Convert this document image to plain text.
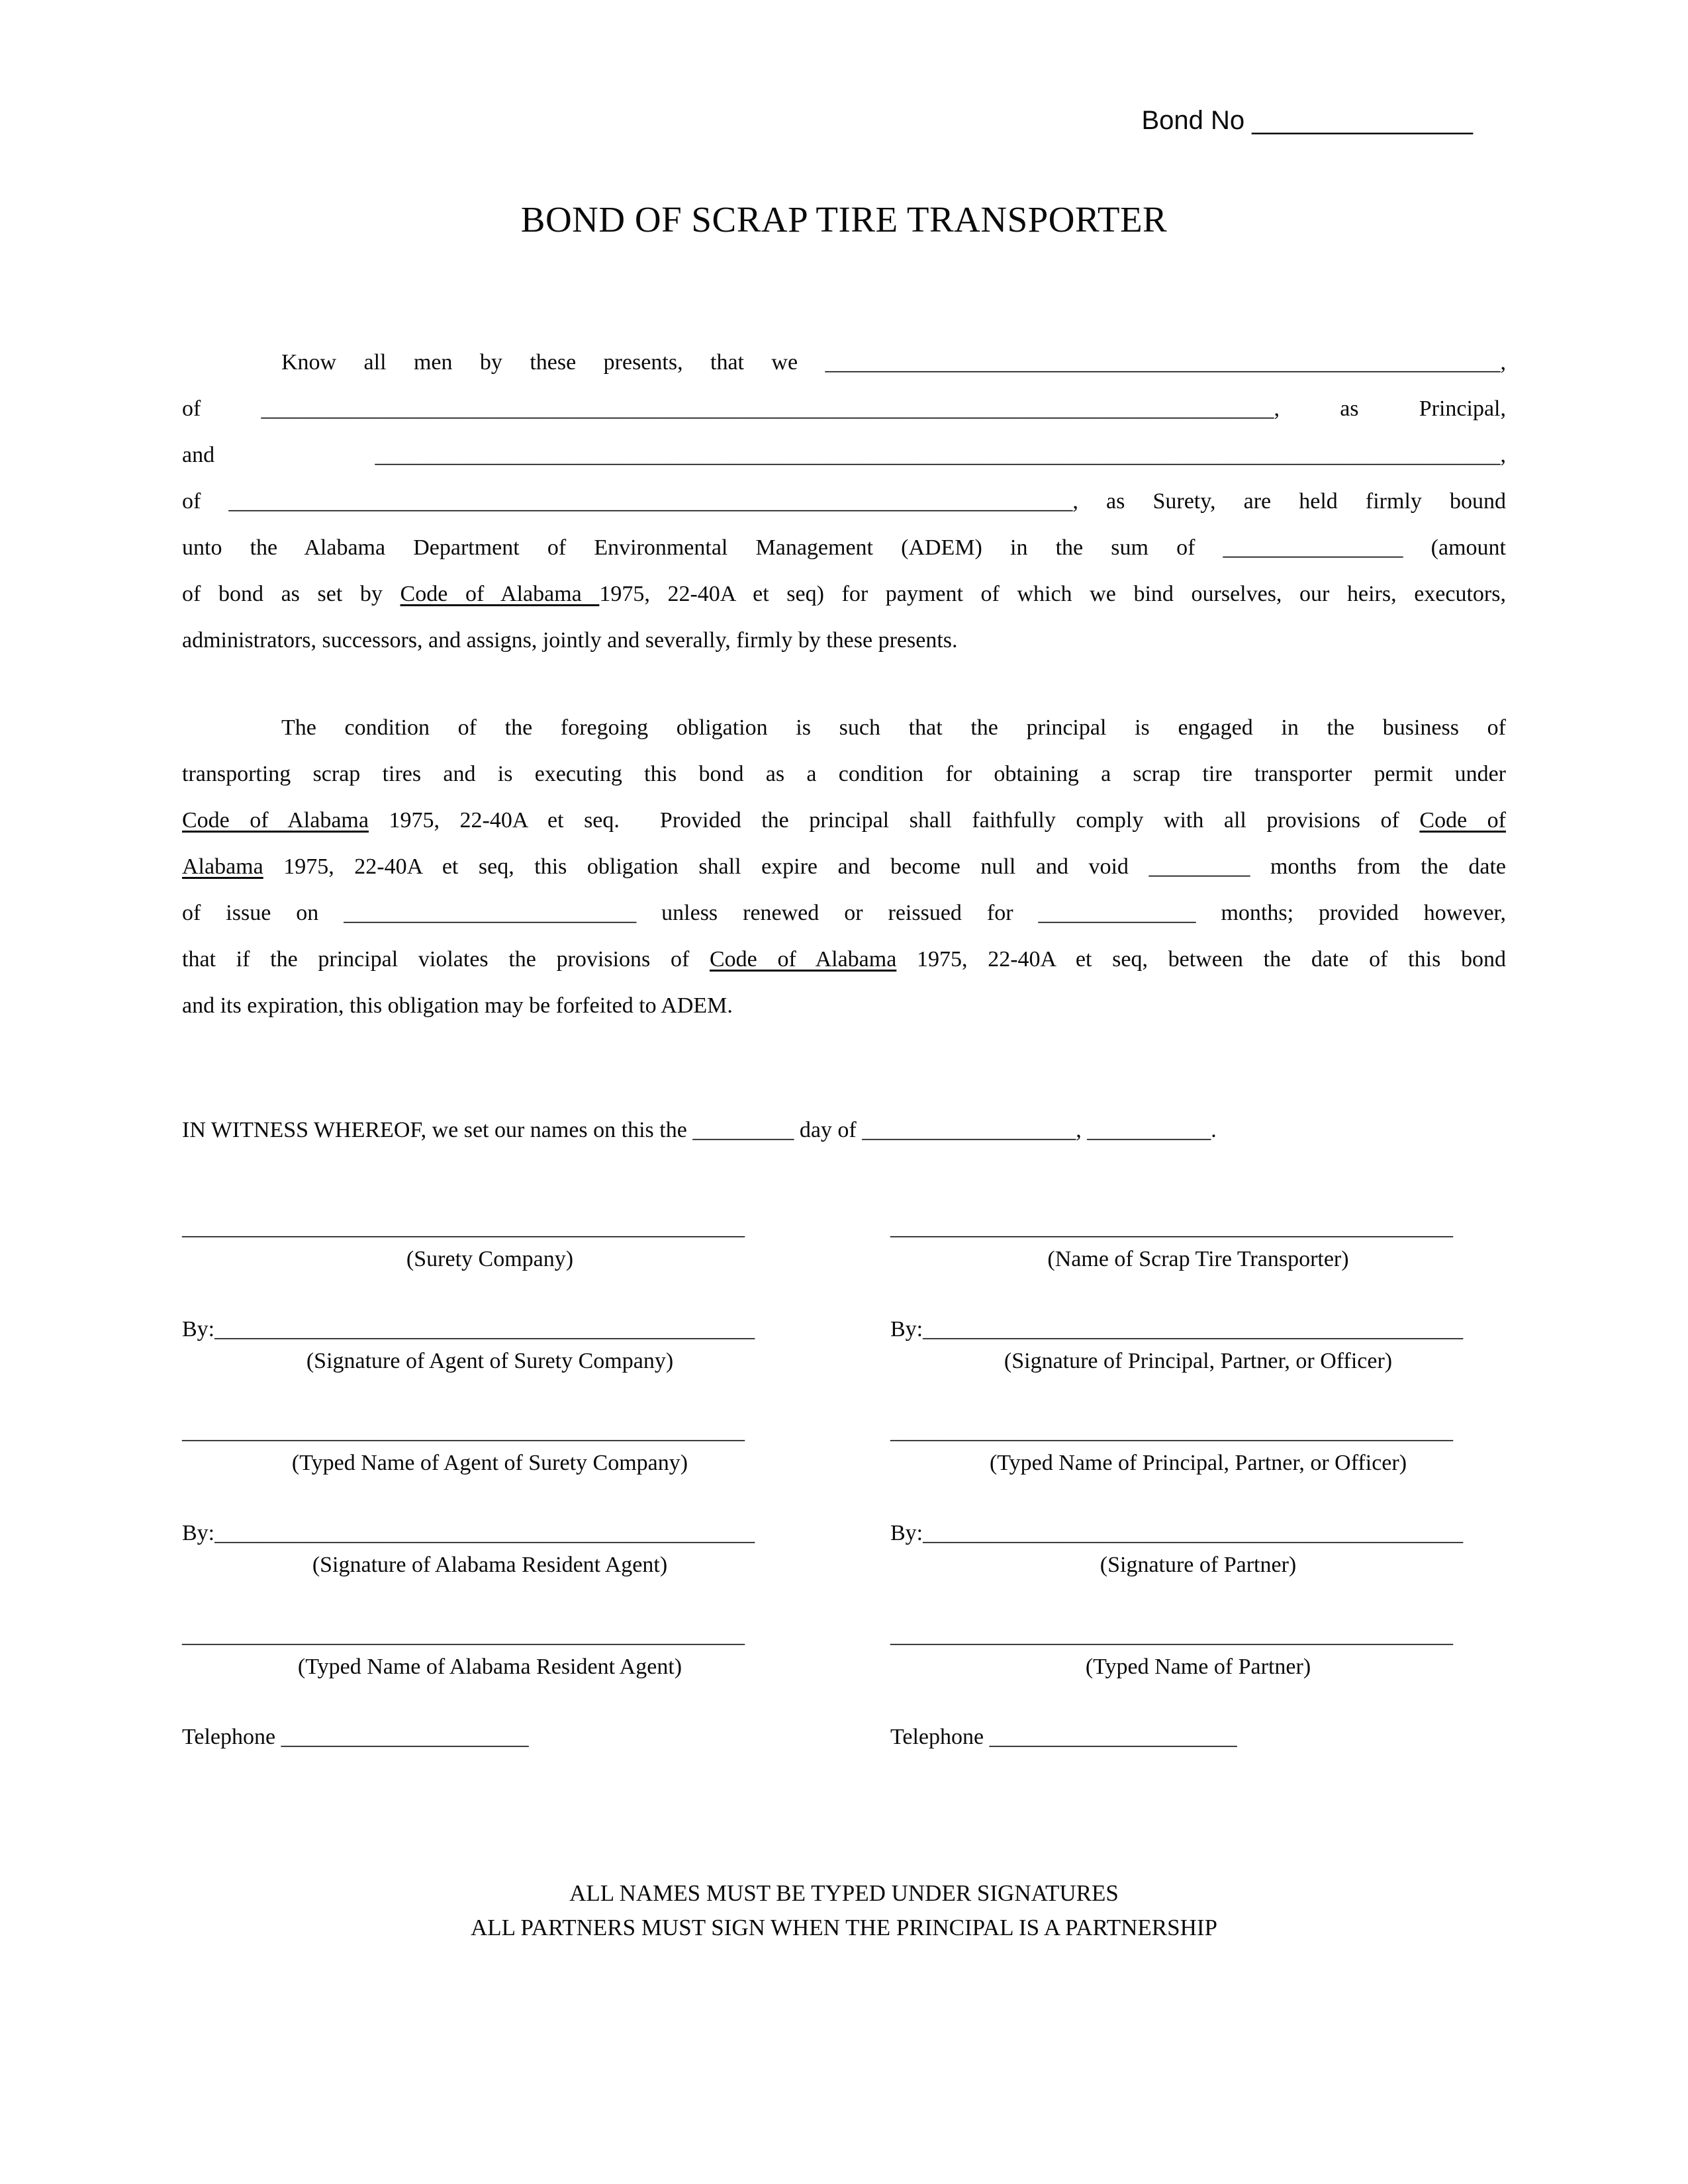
Bond No _______________
BOND OF SCRAP TIRE TRANSPORTER
Know all men by these presents, that we ____________________________________________________________,
of __________________________________________________________________________________________, as Principal,
and  ____________________________________________________________________________________________________,
of ___________________________________________________________________________, as Surety, are held firmly bound
unto the Alabama Department of Environmental Management (ADEM) in the sum of ________________ (amount
of bond as set by Code of Alabama 1975, 22-40A et seq) for payment of which we bind ourselves, our heirs, executors,
administrators, successors, and assigns, jointly and severally, firmly by these presents.
The condition of the foregoing obligation is such that the principal is engaged in the business of
transporting scrap tires and is executing this bond as a condition for obtaining a scrap tire transporter permit under
Code of Alabama 1975, 22-40A et seq.  Provided the principal shall faithfully comply with all provisions of Code of
Alabama 1975, 22-40A et seq, this obligation shall expire and become null and void _________ months from the date
of issue on __________________________ unless renewed or reissued for ______________ months; provided however,
that if the principal violates the provisions of Code of Alabama 1975, 22-40A et seq, between the date of this bond
and its expiration, this obligation may be forfeited to ADEM.
IN WITNESS WHEREOF, we set our names on this the _________ day of ___________________, ___________.
__________________________________________________
(Surety Company)
By:________________________________________________
(Signature of Agent of Surety Company)
__________________________________________________
(Typed Name of Agent of Surety Company)
By:________________________________________________
(Signature of Alabama Resident Agent)
__________________________________________________
(Typed Name of Alabama Resident Agent)
Telephone ______________________
__________________________________________________
(Name of Scrap Tire Transporter)
By:________________________________________________
(Signature of Principal, Partner, or Officer)
__________________________________________________
(Typed Name of Principal, Partner, or Officer)
By:________________________________________________
(Signature of Partner)
__________________________________________________
(Typed Name of Partner)
Telephone ______________________
ALL NAMES MUST BE TYPED UNDER SIGNATURES
ALL PARTNERS MUST SIGN WHEN THE PRINCIPAL IS A PARTNERSHIP
